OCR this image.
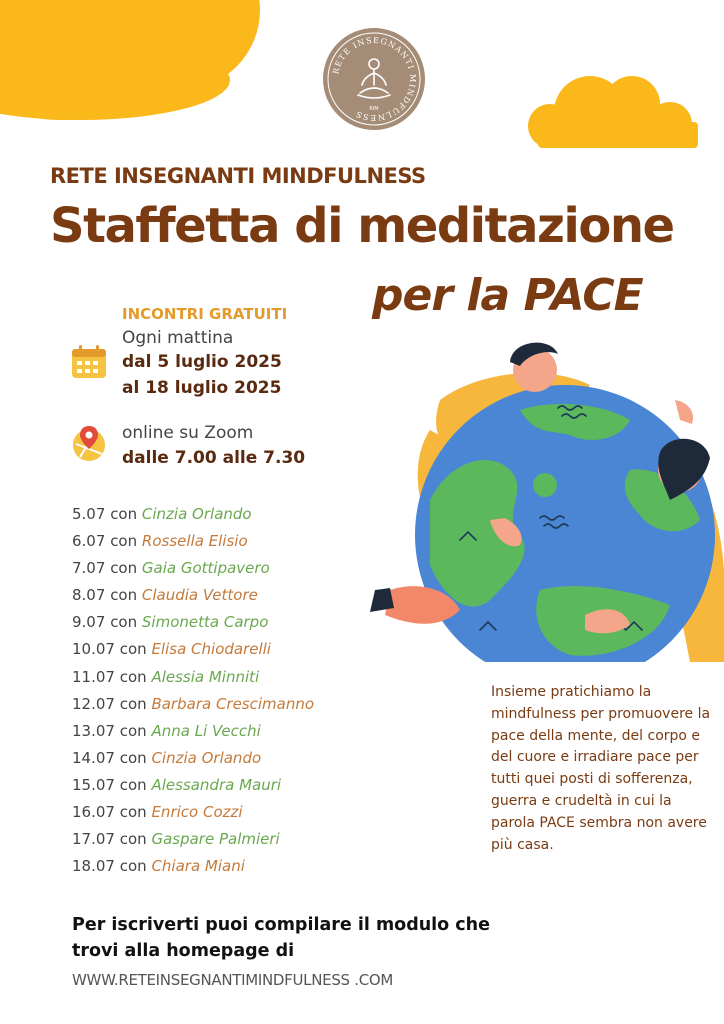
RETE INSEGNANTI MINDFULNESS	RIM
RETE INSEGNANTI MINDFULNESS
Staffetta di meditazione
per la PACE
INCONTRI GRATUITI
Ogni mattina
dal 5 luglio 2025
al 18 luglio 2025
online su Zoom
dalle 7.00 alle 7.30
5.07 con Cinzia Orlando
6.07 con Rossella Elisio
7.07 con Gaia Gottipavero
8.07 con Claudia Vettore
9.07 con Simonetta Carpo
10.07 con Elisa Chiodarelli
11.07 con Alessia Minniti
12.07 con Barbara Crescimanno
13.07 con Anna Li Vecchi
14.07 con Cinzia Orlando
15.07 con Alessandra Mauri
16.07 con Enrico Cozzi
17.07 con Gaspare Palmieri
18.07 con Chiara Miani
Insieme pratichiamo la mindfulness per promuovere la pace della mente, del corpo e del cuore e irradiare pace per tutti quei posti di sofferenza, guerra e crudeltà in cui la parola PACE sembra non avere più casa.
Per iscriverti puoi compilare il modulo che trovi alla homepage di
WWW.RETEINSEGNANTIMINDFULNESS .COM
